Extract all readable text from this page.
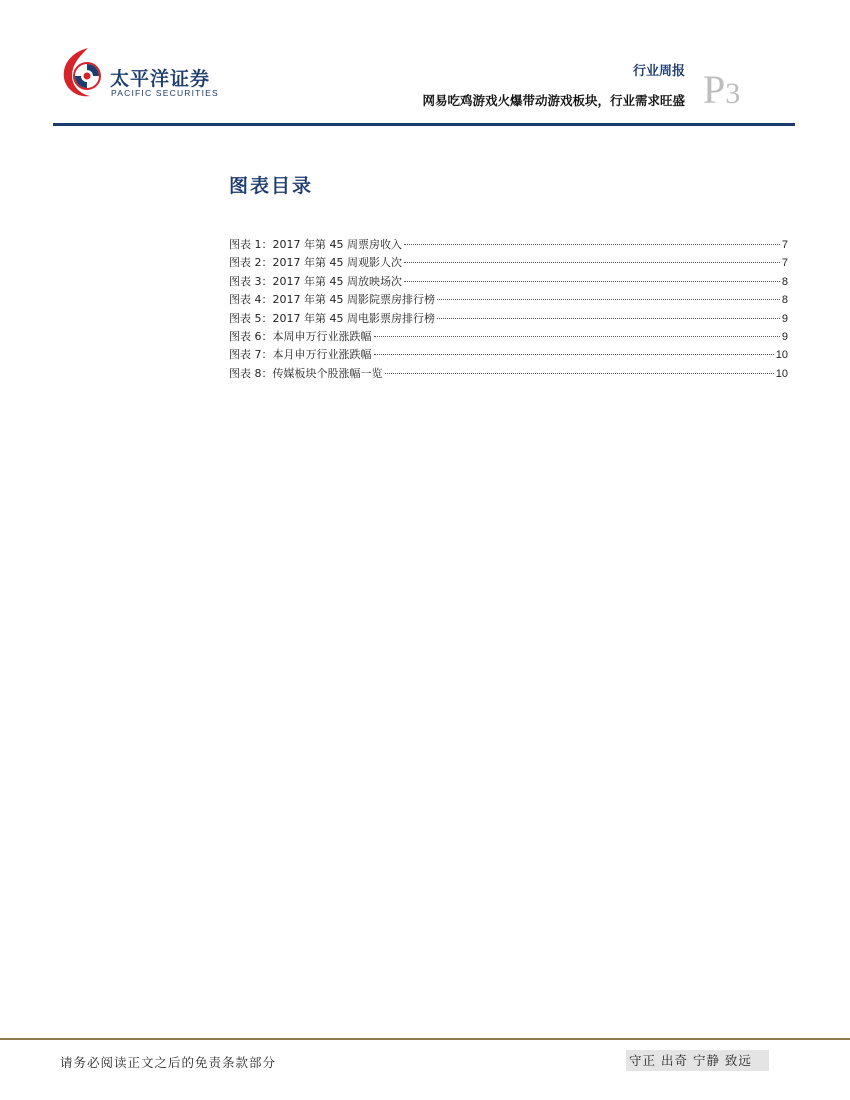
太平洋证券
PACIFIC SECURITIES
行业周报
网易吃鸡游戏火爆带动游戏板块，行业需求旺盛 P3
图表目录
图表 1：2017 年第 45 周票房收入	7
图表 2：2017 年第 45 周观影人次	7
图表 3：2017 年第 45 周放映场次	8
图表 4：2017 年第 45 周影院票房排行榜	8
图表 5：2017 年第 45 周电影票房排行榜	9
图表 6：本周申万行业涨跌幅	9
图表 7：本月申万行业涨跌幅	10
图表 8：传媒板块个股涨幅一览	10
请务必阅读正文之后的免责条款部分	守正 出奇 宁静 致远
